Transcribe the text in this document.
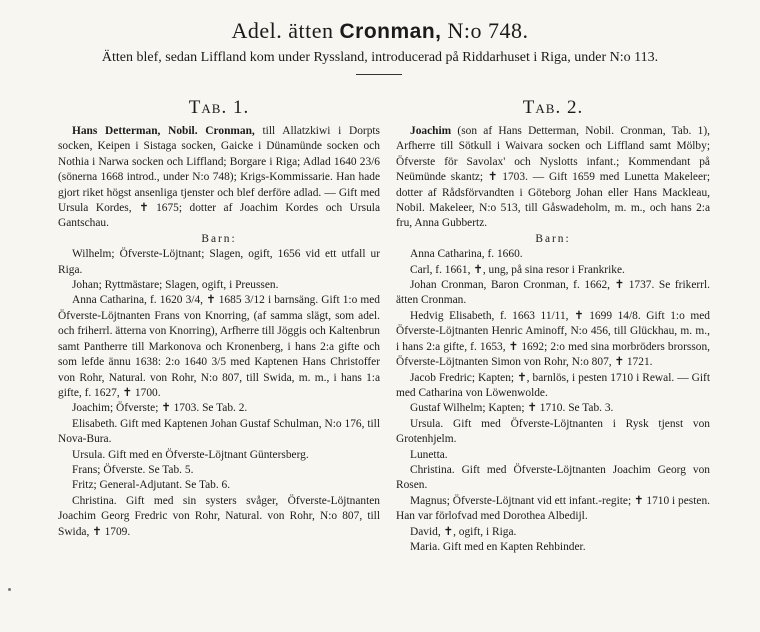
Adel. ätten Cronman, N:o 748.
Ätten blef, sedan Liffland kom under Ryssland, introducerad på Riddarhuset i Riga, under N:o 113.
Tab. 1.

Hans Detterman, Nobil. Cronman, till Allatzkiwi i Dorpts socken, Keipen i Sistaga socken, Gaicke i Dünamünde socken och Nothia i Narwa socken och Liffland; Borgare i Riga; Adlad 1640 23/6 (sönerna 1668 introd., under N:o 748); Krigs-Kommissarie. Han hade gjort riket högst ansenliga tjenster och blef derföre adlad. — Gift med Ursula Kordes, ✝ 1675; dotter af Joachim Kordes och Ursula Gantschau.

Barn:

Wilhelm; Öfverste-Löjtnant; Slagen, ogift, 1656 vid ett utfall ur Riga.

Johan; Ryttmästare; Slagen, ogift, i Preussen.

Anna Catharina, f. 1620 3/4, ✝ 1685 3/12 i barnsäng. Gift 1:o med Öfverste-Löjtnanten Frans von Knorring, (af samma slägt, som adel. och friherrl. ätterna von Knorring), Arfherre till Jöggis och Kaltenbrun samt Pantherre till Markonova och Kronenberg, i hans 2:a gifte och som lefde ännu 1638: 2:o 1640 3/5 med Kaptenen Hans Christoffer von Rohr, Natural. von Rohr, N:o 807, till Swida, m. m., i hans 1:a gifte, f. 1627, ✝ 1700.

Joachim; Öfverste; ✝ 1703. Se Tab. 2.

Elisabeth. Gift med Kaptenen Johan Gustaf Schulman, N:o 176, till Nova-Bura.

Ursula. Gift med en Öfverste-Löjtnant Güntersberg.

Frans; Öfverste. Se Tab. 5.

Fritz; General-Adjutant. Se Tab. 6.

Christina. Gift med sin systers svåger, Öfverste-Löjtnanten Joachim Georg Fredric von Rohr, Natural. von Rohr, N:o 807, till Swida, ✝ 1709.

Tab. 2.

Joachim (son af Hans Detterman, Nobil. Cronman, Tab. 1), Arfherre till Sötkull i Waivara socken och Liffland samt Mölby; Öfverste för Savolax' och Nyslotts infant.; Kommendant på Neümünde skantz; ✝ 1703. — Gift 1659 med Lunetta Makeleer; dotter af Rådsförvandten i Göteborg Johan eller Hans Mackleau, Nobil. Makeleer, N:o 513, till Gåswadeholm, m. m., och hans 2:a fru, Anna Gubbertz.

Barn:

Anna Catharina, f. 1660.

Carl, f. 1661, ✝, ung, på sina resor i Frankrike.

Johan Cronman, Baron Cronman, f. 1662, ✝ 1737. Se frikerrl. ätten Cronman.

Hedvig Elisabeth, f. 1663 11/11, ✝ 1699 14/8. Gift 1:o med Öfverste-Löjtnanten Henric Aminoff, N:o 456, till Glückhau, m. m., i hans 2:a gifte, f. 1653, ✝ 1692; 2:o med sina morbröders brorsson, Öfverste-Löjtnanten Simon von Rohr, N:o 807, ✝ 1721.

Jacob Fredric; Kapten; ✝, barnlös, i pesten 1710 i Rewal. — Gift med Catharina von Löwenwolde.

Gustaf Wilhelm; Kapten; ✝ 1710. Se Tab. 3.

Ursula. Gift med Öfverste-Löjtnanten i Rysk tjenst von Grotenhjelm.

Lunetta.

Christina. Gift med Öfverste-Löjtnanten Joachim Georg von Rosen.

Magnus; Öfverste-Löjtnant vid ett infant.-regite; ✝ 1710 i pesten. Han var förlofvad med Dorothea Albedijl.

David, ✝, ogift, i Riga.

Maria. Gift med en Kapten Rehbinder.
